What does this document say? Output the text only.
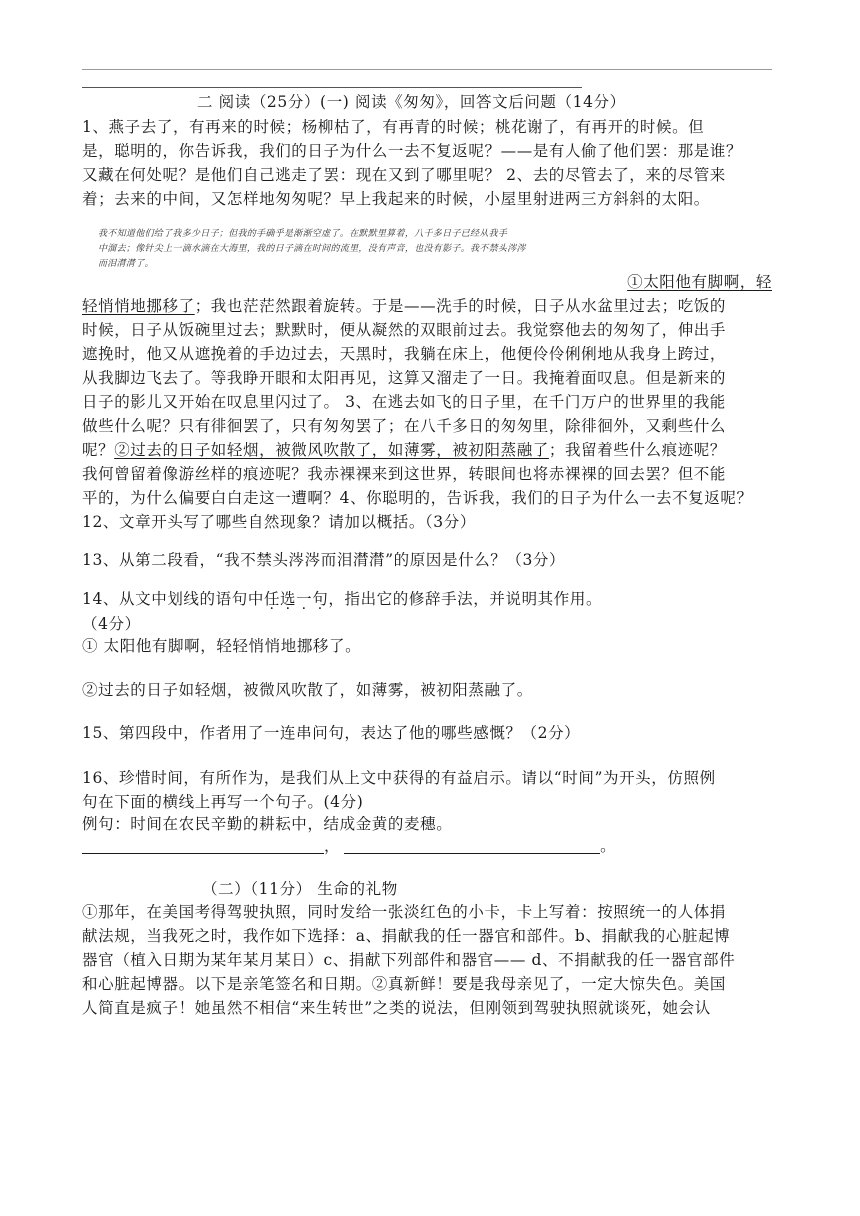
二 阅读（25分）(一) 阅读《匆匆》，回答文后问题（14分）
1、燕子去了，有再来的时候；杨柳枯了，有再青的时候；桃花谢了，有再开的时候。但
是，聪明的，你告诉我，我们的日子为什么一去不复返呢？——是有人偷了他们罢：那是谁？
又藏在何处呢？是他们自己逃走了罢：现在又到了哪里呢？ 2、去的尽管去了，来的尽管来
着；去来的中间，又怎样地匆匆呢？早上我起来的时候，小屋里射进两三方斜斜的太阳。
我不知道他们给了我多少日子；但我的手确乎是渐渐空虚了。在默默里算着，八千多日子已经从我手
中溜去；像针尖上一滴水滴在大海里，我的日子滴在时间的流里，没有声音，也没有影子。我不禁头涔涔
而泪潸潸了。
①太阳他有脚啊，轻
轻悄悄地挪移了；我也茫茫然跟着旋转。于是——洗手的时候，日子从水盆里过去；吃饭的
时候，日子从饭碗里过去；默默时，便从凝然的双眼前过去。我觉察他去的匆匆了，伸出手
遮挽时，他又从遮挽着的手边过去，天黑时，我躺在床上，他便伶伶俐俐地从我身上跨过，
从我脚边飞去了。等我睁开眼和太阳再见，这算又溜走了一日。我掩着面叹息。但是新来的
日子的影儿又开始在叹息里闪过了。 3、在逃去如飞的日子里，在千门万户的世界里的我能
做些什么呢？只有徘徊罢了，只有匆匆罢了；在八千多日的匆匆里，除徘徊外，又剩些什么
呢？②过去的日子如轻烟，被微风吹散了，如薄雾，被初阳蒸融了；我留着些什么痕迹呢？
我何曾留着像游丝样的痕迹呢？我赤裸裸来到这世界，转眼间也将赤裸裸的回去罢？但不能
平的，为什么偏要白白走这一遭啊？4、你聪明的，告诉我，我们的日子为什么一去不复返呢？
12、文章开头写了哪些自然现象？请加以概括。（3分）
13、从第二段看，“我不禁头涔涔而泪潸潸”的原因是什么？（3分）
14、从文中划线的语句中任选一句，指出它的修辞手法，并说明其作用。
（4分）
① 太阳他有脚啊，轻轻悄悄地挪移了。
②过去的日子如轻烟，被微风吹散了，如薄雾，被初阳蒸融了。
15、第四段中，作者用了一连串问句，表达了他的哪些感慨？（2分）
16、珍惜时间，有所作为，是我们从上文中获得的有益启示。请以“时间”为开头，仿照例
句在下面的横线上再写一个句子。(4分)
例句：时间在农民辛勤的耕耘中，结成金黄的麦穗。
，	。
（二）（11分） 生命的礼物
①那年，在美国考得驾驶执照，同时发给一张淡红色的小卡，卡上写着：按照统一的人体捐
献法规，当我死之时，我作如下选择：a、捐献我的任一器官和部件。b、捐献我的心脏起博
器官（植入日期为某年某月某日）c、捐献下列部件和器官—— d、不捐献我的任一器官部件
和心脏起博器。以下是亲笔签名和日期。②真新鲜！要是我母亲见了，一定大惊失色。美国
人简直是疯子！她虽然不相信“来生转世”之类的说法，但刚领到驾驶执照就谈死，她会认
